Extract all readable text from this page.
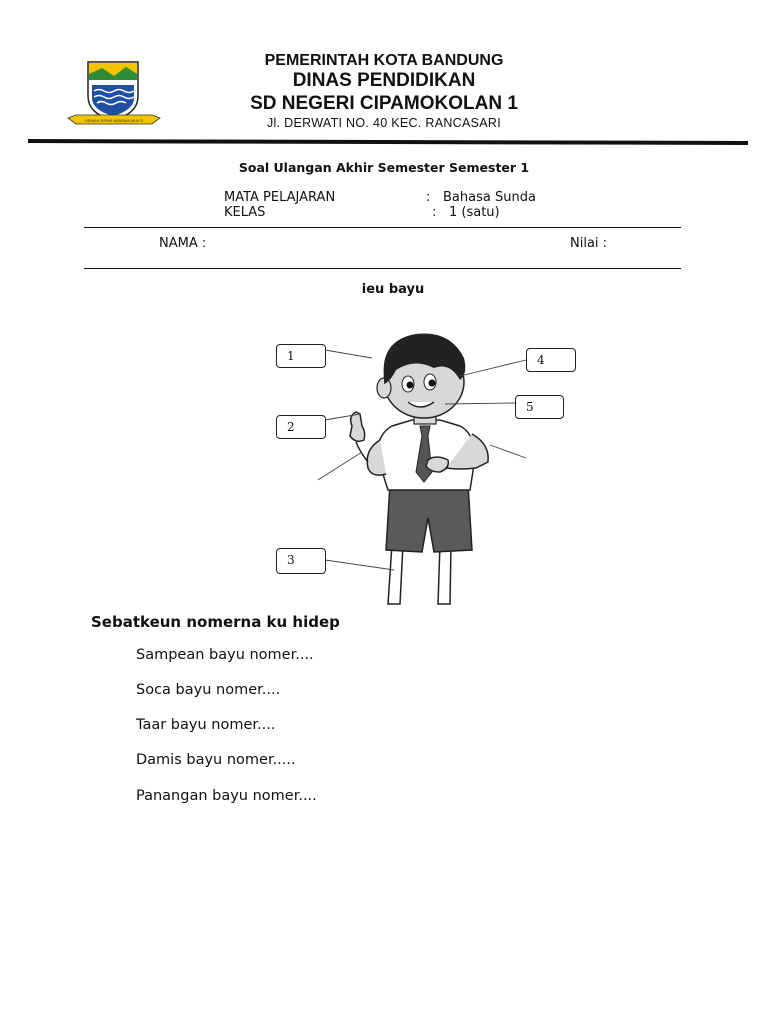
GEMAH RIPAH WIBAWA MUKTI
PEMERINTAH KOTA BANDUNG
DINAS PENDIDIKAN
SD NEGERI CIPAMOKOLAN 1
Jl. DERWATI NO. 40 KEC. RANCASARI
Soal Ulangan Akhir Semester Semester 1
MATA PELAJARAN	: Bahasa Sunda
KELAS	: 1 (satu)
NAMA :	Nilai :
ieu bayu
1
2
3
4
5
Sebatkeun nomerna ku hidep
Sampean bayu nomer....
Soca bayu nomer....
Taar bayu nomer....
Damis bayu nomer.....
Panangan bayu nomer....
